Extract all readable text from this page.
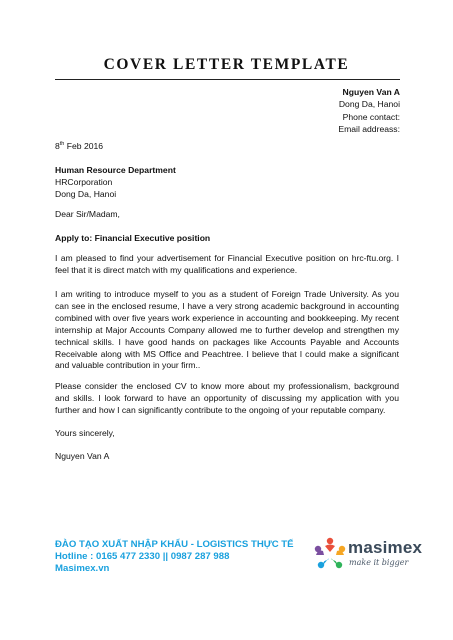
COVER LETTER TEMPLATE
Nguyen Van A
Dong Da, Hanoi
Phone contact:
Email addreass:
8th Feb 2016
Human Resource Department
HRCorporation
Dong Da, Hanoi
Dear Sir/Madam,
Apply to: Financial Executive position
I am pleased to find your advertisement for Financial Executive position on hrc-ftu.org. I feel that it is direct match with my qualifications and experience.
I am writing to introduce myself to you as a student of Foreign Trade University. As you can see in the enclosed resume, I have a very strong academic background in accounting combined with over five years work experience in accounting and bookkeeping. My recent internship at Major Accounts Company allowed me to further develop and strengthen my technical skills. I have good hands on packages like Accounts Payable and Accounts Receivable along with MS Office and Peachtree. I believe that I could make a significant and valuable contribution in your firm..
Please consider the enclosed CV to know more about my professionalism, background and skills. I look forward to have an opportunity of discussing my application with you further and how I can significantly contribute to the ongoing of your reputable company.
Yours sincerely,
Nguyen Van A
ĐÀO TẠO XUẤT NHẬP KHẨU - LOGISTICS THỰC TẾ
Hotline : 0165 477 2330 || 0987 287 988
Masimex.vn
masimex
make it bigger
